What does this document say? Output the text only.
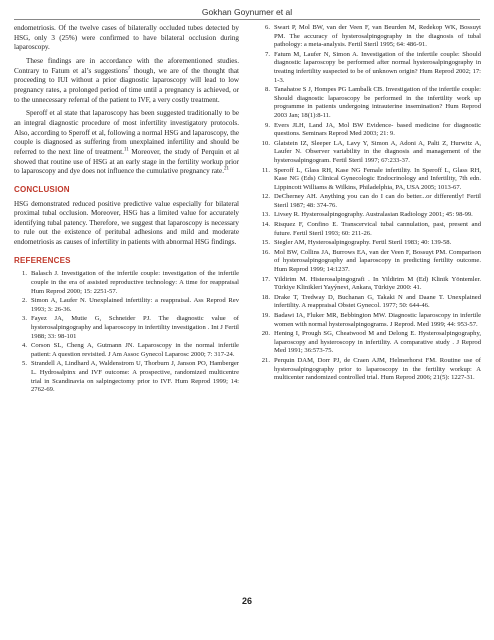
Gokhan Goynumer et al

endometriosis. Of the twelve cases of bilaterally occluded tubes detected by HSG, only 3 (25%) were confirmed to have bilateral occlusion during laparoscopy.

These findings are in accordance with the aforementioned studies. Contrary to Fatum et al’s suggestions$^7$ though, we are of the thought that proceeding to IUI without a prior diagnostic laparoscopy will lead to low pregnancy rates, a prolonged period of time until a pregnancy is achieved, or to the unnecessary referral of the patient to IVF, a very costly treatment.

Speroff et al state that laparoscopy has been suggested traditionally to be an integral diagnostic procedure of most infertility investigatory protocols. Also, according to Speroff et al, following a normal HSG and laparoscopy, the couple is diagnosed as suffering from unexplained infertility and should be referred to the next line of treatment.$^{11}$ Moreover, the study of Perquin et al showed that routine use of HSG at an early stage in the fertility workup prior to laparoscopy and dye does not influence the cumulative pregnancy rate.$^{21}$

CONCLUSION

HSG demonstrated reduced positive predictive value especially for bilateral proximal tubal occlusion. Moreover, HSG has a limited value for accurately identifying tubal patency. Therefore, we suggest that laparoscopy is necessary to rule out the existence of peritubal adhesions and mild and moderate endometriosis as causes of infertility in patients with abnormal HSG findings.

REFERENCES
1. Balasch J. Investigation of the infertile couple: investigation of the infertile couple in the era of assisted reproductive technology: A time for reappraisal Hum Reprod 2000; 15: 2251-57.
2. Simon A, Laufer N. Unexplained infertility: a reappraisal. Ass Reprod Rev 1993; 3: 26-36.
3. Fayez JA, Mutie G, Schneider PJ. The diagnostic value of hysterosalpingography and laparoscopy in infertility investigation . Int J Fertil 1988; 33: 98-101
4. Corson SL, Cheng A, Gutmann JN. Laparoscopy in the normal infertile patient: A question revisited. J Am Assoc Gynecol Laparosc 2000; 7: 317-24.
5. Strandell A, Lindhard A, Waldenstrom U, Thorburn J, Janson PO, Hamberger L. Hydrosalpinx and IVF outcome: A prospective, randomized multicentre trial in Scandinavia on salpingectomy prior to IVF. Hum Reprod 1999; 14: 2762-69.
6. Swart P, Mol BW, van der Veen F, van Beurden M, Redekop WK, Bossuyt PM. The accuracy of hysterosalpingography in the diagnosis of tubal pathology: a meta-analysis. Fertil Steril 1995; 64: 486-91.
7. Fatum M, Laufer N, Simon A. Investigation of the infertile couple: Should diagnostic laparoscopy be performed after normal hysterosalpingography in treating infertility suspected to be of unknown origin? Hum Reprod 2002; 17: 1-3.
8. Tanahatoe S J, Hompes PG Lambalk CB. Investigation of the infertile couple: Should diagnostic laparoscopy be performed in the infertility work up programme in patients undergoing intrauterine insemination? Hum Reprod 2003 Jan; 18(1):8-11.
9. Evers JLH, Land JA, Mol BW Evidence- based medicine for diagnostic questions. Seminars Reprod Med 2003; 21: 9.
10. Glatstein IZ, Sleeper LA, Lavy Y, Simon A, Adoni A, Palti Z, Hurwitz A, Laufer N. Observer variability in the diagnosis and management of the hysterosalpingogram. Fertil Steril 1997; 67:233-37.
11. Speroff L, Glass RH, Kase NG Female infertility. In Speroff L, Glass RH, Kase NG (Eds) Clinical Gynecologic Endocrinology and Infertility, 7th edn. Lippincott Williams & Wilkins, Philadelphia, PA, USA 2005; 1013-67.
12. DeCherney AH. Anything you can do I can do better...or differently! Fertil Steril 1987; 48: 374-76.
13. Livsey R. Hysterosalpingography. Australasian Radiology 2001; 45: 98-99.
14. Risquez F, Confino E. Transcervical tubal cannulation, past, present and future. Fertil Steril 1993; 60: 211-26.
15. Siegler AM, Hysterosalpingography. Fertil Steril 1983; 40: 139-58.
16. Mol BW, Collins JA, Burrows EA, van der Veen F, Bossuyt PM. Comparison of hysterosalpingography and laparoscopy in predicting fertility outcome. Hum Reprod 1999; 14:1237.
17. Yildirim M. Histerosalpingografi . In Yildirim M (Ed) Klinik Yöntemler. Türkiye Klinikleri Yayýnevi, Ankara, Türkiye 2000: 41.
18. Drake T, Tredway D, Buchanan G, Takaki N and Daane T. Unexplained infertility. A reappraisal Obstet Gynecol. 1977; 50: 644-46.
19. Badawi IA, Fluker MR, Bebbington MW. Diagnostic laparoscopy in infertile women with normal hysterosalpingograms. J Reprod. Med 1999; 44: 953-57.
20. Hening I, Prough SG, Cheatwood M and Delong E. Hysterosalpingography, laparoscopy and hysteroscopy in infertility. A comparative study . J Reprod Med 1991; 36:573-75.
21. Perquin DAM, Dorr PJ, de Craen AJM, Helmerhorst FM. Routine use of hysterosalpingography prior to laparoscopy in the fertility workup: A multicenter randomized controlled trial. Hum Reprod 2006; 21(5): 1227-31.
26
